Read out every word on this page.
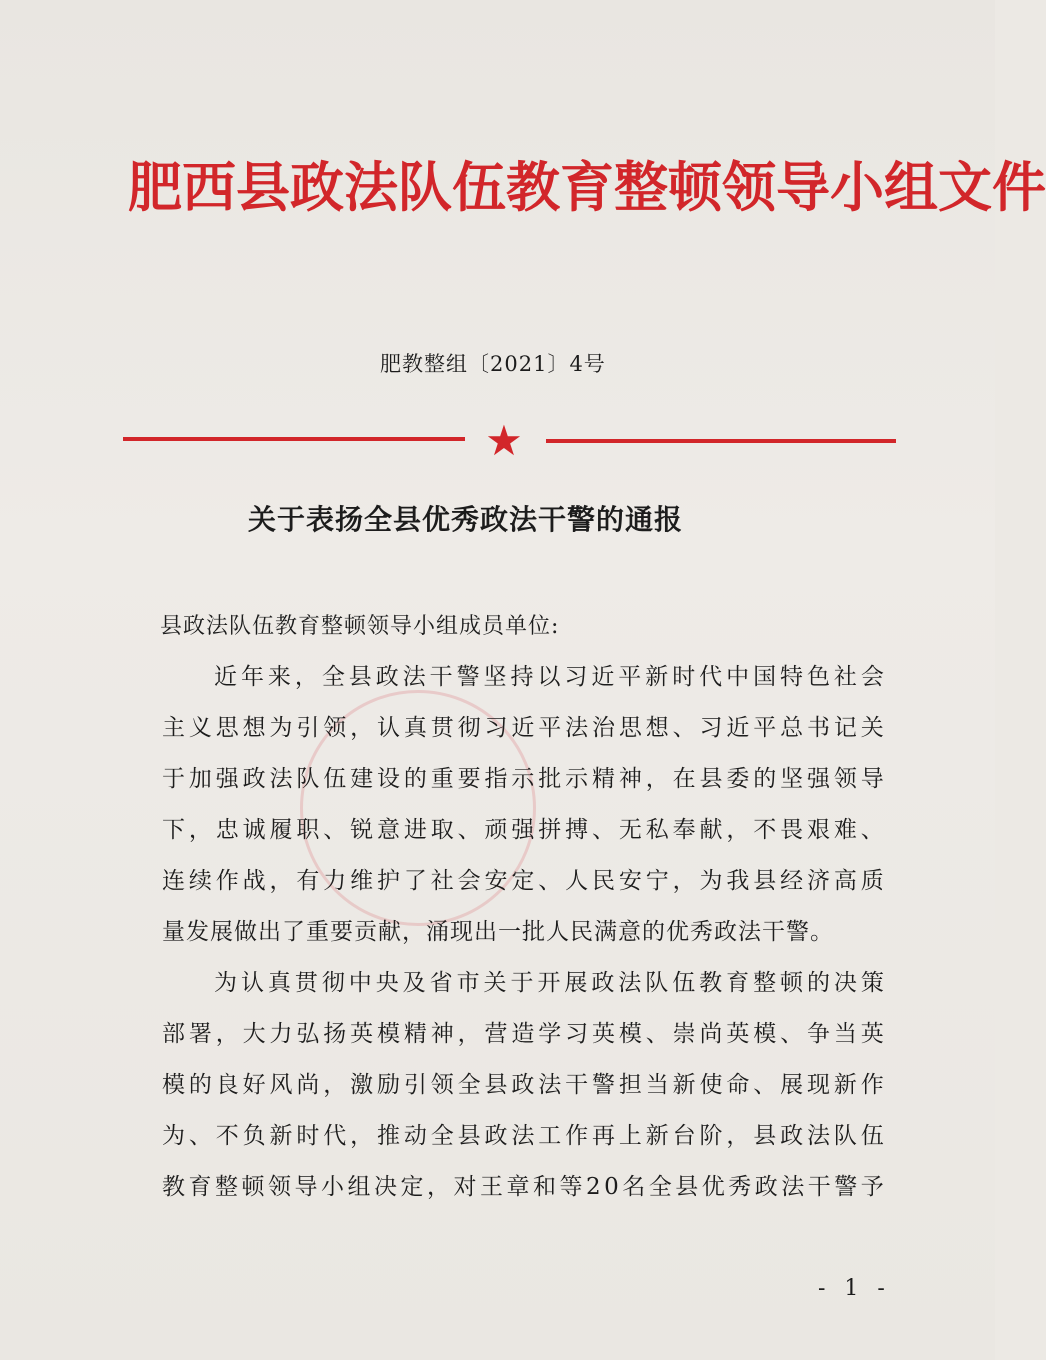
肥 西 县 政 法 队 伍 教 育 整 顿 领 导 小 组 文 件
肥教整组〔2021〕4号
★
关于表扬全县优秀政法干警的通报
县政法队伍教育整顿领导小组成员单位:
近 年 来 ， 全 县 政 法 干 警 坚 持 以 习 近 平 新 时 代 中 国 特 色 社 会
主 义 思 想 为 引 领 ， 认 真 贯 彻 习 近 平 法 治 思 想 、 习 近 平 总 书 记 关
于 加 强 政 法 队 伍 建 设 的 重 要 指 示 批 示 精 神 ， 在 县 委 的 坚 强 领 导
下 ， 忠 诚 履 职 、 锐 意 进 取 、 顽 强 拼 搏 、 无 私 奉 献 ， 不 畏 艰 难 、
连 续 作 战 ， 有 力 维 护 了 社 会 安 定 、 人 民 安 宁 ， 为 我 县 经 济 高 质
量发展做出了重要贡献，涌现出一批人民满意的优秀政法干警。
为 认 真 贯 彻 中 央 及 省 市 关 于 开 展 政 法 队 伍 教 育 整 顿 的 决 策
部 署 ， 大 力 弘 扬 英 模 精 神 ， 营 造 学 习 英 模 、 崇 尚 英 模 、 争 当 英
模 的 良 好 风 尚 ， 激 励 引 领 全 县 政 法 干 警 担 当 新 使 命 、 展 现 新 作
为 、 不 负 新 时 代 ， 推 动 全 县 政 法 工 作 再 上 新 台 阶 ， 县 政 法 队 伍
教 育 整 顿 领 导 小 组 决 定 ， 对 王 章 和 等 2 0 名 全 县 优 秀 政 法 干 警 予
- 1 -
